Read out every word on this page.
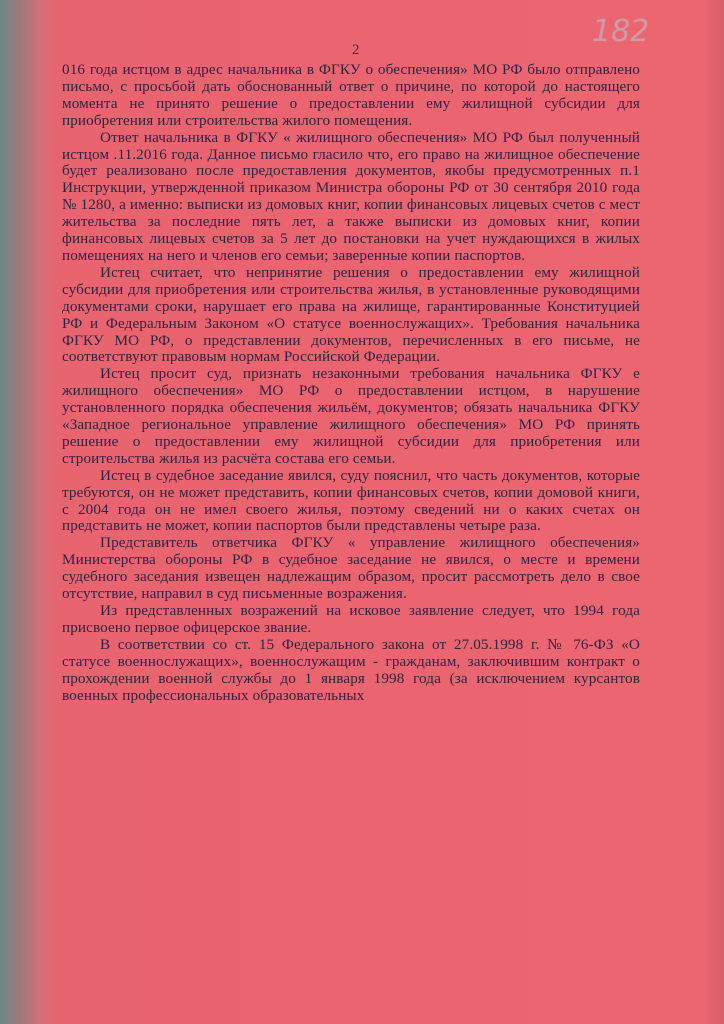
2
182

016 года истцом в адрес начальника в ФГКУ о обеспечения» МО РФ было отправлено письмо, с просьбой дать обоснованный ответ о причине, по которой до настоящего момента не принято решение о предоставлении ему жилищной субсидии для приобретения или строительства жилого помещения.

Ответ начальника в ФГКУ « жилищного обеспечения» МО РФ был полученный истцом .11.2016 года. Данное письмо гласило что, его право на жилищное обеспечение будет реализовано после предоставления документов, якобы предусмотренных п.1 Инструкции, утвержденной приказом Министра обороны РФ от 30 сентября 2010 года № 1280, а именно: выписки из домовых книг, копии финансовых лицевых счетов с мест жительства за последние пять лет, а также выписки из домовых книг, копии финансовых лицевых счетов за 5 лет до постановки на учет нуждающихся в жилых помещениях на него и членов его семьи; заверенные копии паспортов.

Истец считает, что непринятие решения о предоставлении ему жилищной субсидии для приобретения или строительства жилья, в установленные руководящими документами сроки, нарушает его права на жилище, гарантированные Конституцией РФ и Федеральным Законом «О статусе военнослужащих». Требования начальника ФГКУ МО РФ, о представлении документов, перечисленных в его письме, не соответствуют правовым нормам Российской Федерации.

Истец просит суд, признать незаконными требования начальника ФГКУ е жилищного обеспечения» МО РФ о предоставлении истцом, в нарушение установленного порядка обеспечения жильём, документов; обязать начальника ФГКУ «Западное региональное управление жилищного обеспечения» МО РФ принять решение о предоставлении ему жилищной субсидии для приобретения или строительства жилья из расчёта состава его семьи.

Истец в судебное заседание явился, суду пояснил, что часть документов, которые требуются, он не может представить, копии финансовых счетов, копии домовой книги, с 2004 года он не имел своего жилья, поэтому сведений ни о каких счетах он представить не может, копии паспортов были представлены четыре раза.

Представитель ответчика ФГКУ « управление жилищного обеспечения» Министерства обороны РФ в судебное заседание не явился, о месте и времени судебного заседания извещен надлежащим образом, просит рассмотреть дело в свое отсутствие, направил в суд письменные возражения.

Из представленных возражений на исковое заявление следует, что 1994 года присвоено первое офицерское звание.

В соответствии со ст. 15 Федерального закона от 27.05.1998 г. № 76-ФЗ «О статусе военнослужащих», военнослужащим - гражданам, заключившим контракт о прохождении военной службы до 1 января 1998 года (за исключением курсантов военных профессиональных образовательных
